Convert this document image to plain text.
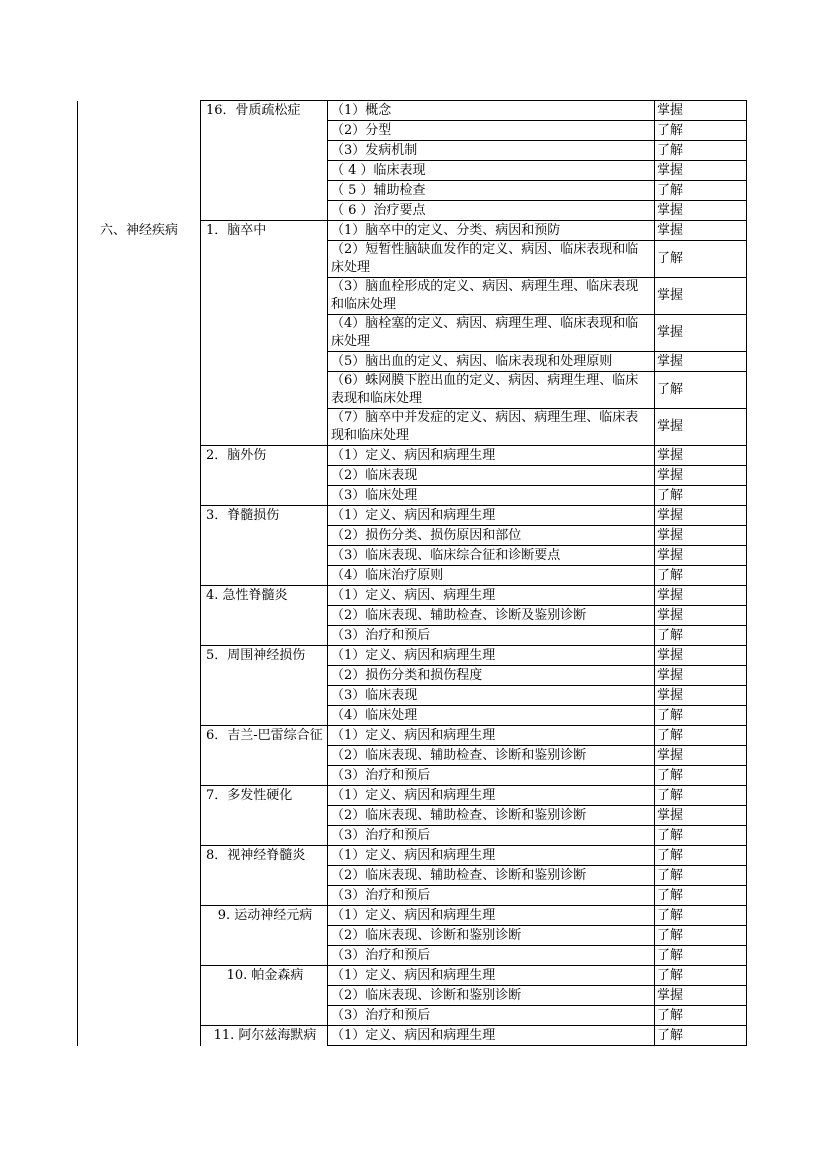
	16．骨质疏松症	（1）概念	掌握
		（2）分型	了解
		（3）发病机制	了解
		（ 4 ）临床表现	掌握
		（ 5 ）辅助检查	了解
		（ 6 ）治疗要点	掌握
六、神经疾病	1．脑卒中	（1）脑卒中的定义、分类、病因和预防	掌握
		（2）短暂性脑缺血发作的定义、病因、临床表现和临床处理	了解
		（3）脑血栓形成的定义、病因、病理生理、临床表现和临床处理	掌握
		（4）脑栓塞的定义、病因、病理生理、临床表现和临床处理	掌握
		（5）脑出血的定义、病因、临床表现和处理原则	掌握
		（6）蛛网膜下腔出血的定义、病因、病理生理、临床表现和临床处理	了解
		（7）脑卒中并发症的定义、病因、病理生理、临床表现和临床处理	掌握
	2．脑外伤	（1）定义、病因和病理生理	掌握
		（2）临床表现	掌握
		（3）临床处理	了解
	3．脊髓损伤	（1）定义、病因和病理生理	掌握
		（2）损伤分类、损伤原因和部位	掌握
		（3）临床表现、临床综合征和诊断要点	掌握
		（4）临床治疗原则	了解
	4. 急性脊髓炎	（1）定义、病因、病理生理	掌握
		（2）临床表现、辅助检查、诊断及鉴别诊断	掌握
		（3）治疗和预后	了解
	5．周围神经损伤	（1）定义、病因和病理生理	掌握
		（2）损伤分类和损伤程度	掌握
		（3）临床表现	掌握
		（4）临床处理	了解
	6．吉兰-巴雷综合征	（1）定义、病因和病理生理	了解
		（2）临床表现、辅助检查、诊断和鉴别诊断	掌握
		（3）治疗和预后	了解
	7．多发性硬化	（1）定义、病因和病理生理	了解
		（2）临床表现、辅助检查、诊断和鉴别诊断	掌握
		（3）治疗和预后	了解
	8．视神经脊髓炎	（1）定义、病因和病理生理	了解
		（2）临床表现、辅助检查、诊断和鉴别诊断	了解
		（3）治疗和预后	了解
	9. 运动神经元病	（1）定义、病因和病理生理	了解
		（2）临床表现、诊断和鉴别诊断	了解
		（3）治疗和预后	了解
	10. 帕金森病	（1）定义、病因和病理生理	了解
		（2）临床表现、诊断和鉴别诊断	掌握
		（3）治疗和预后	了解
	11. 阿尔兹海默病	（1）定义、病因和病理生理	了解
